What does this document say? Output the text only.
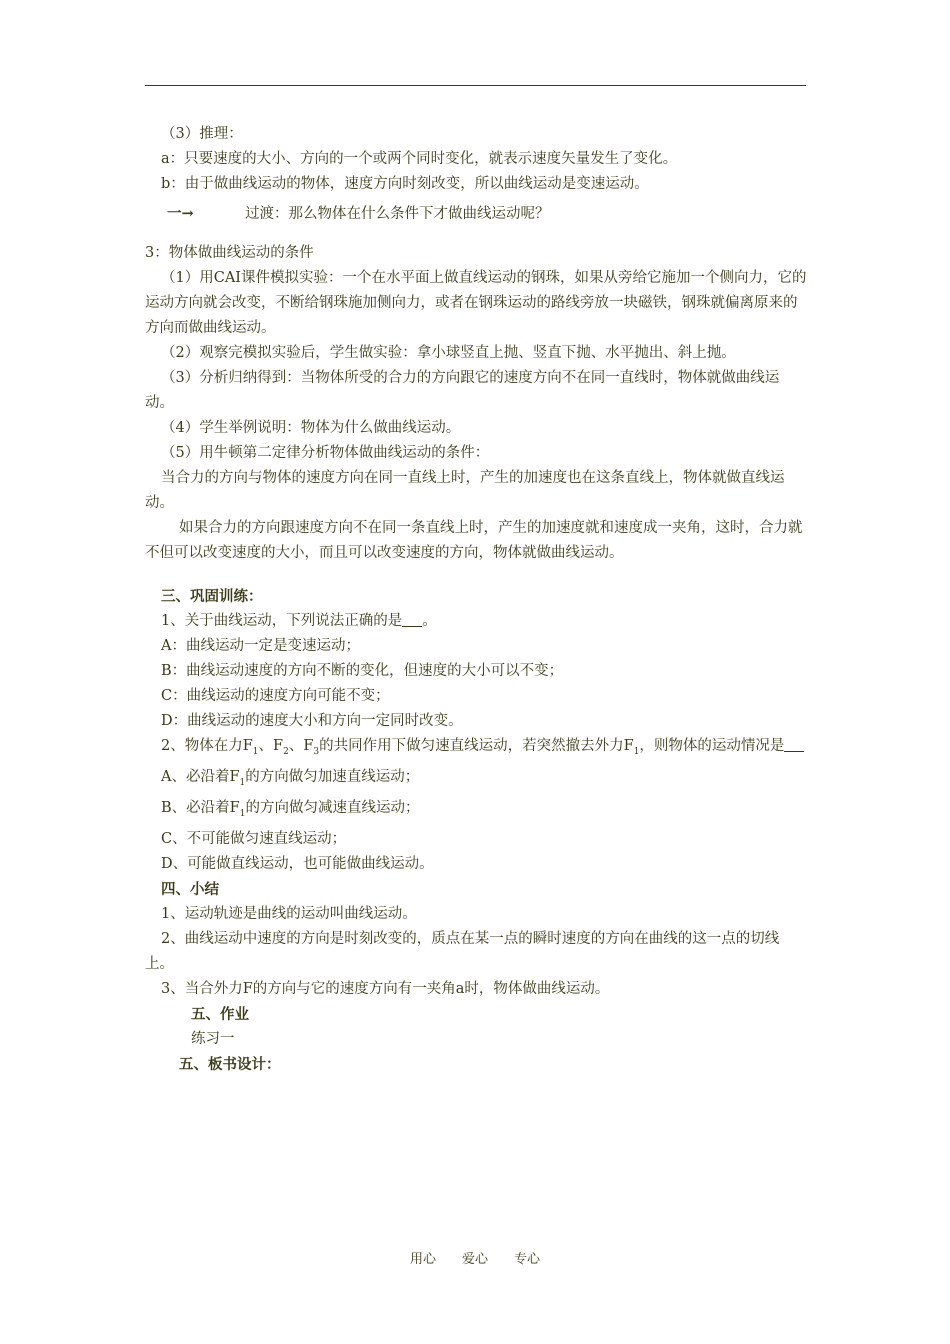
（3）推理：

a：只要速度的大小、方向的一个或两个同时变化，就表示速度矢量发生了变化。

b：由于做曲线运动的物体，速度方向时刻改变，所以曲线运动是变速运动。

一→	过渡：那么物体在什么条件下才做曲线运动呢？

3：物体做曲线运动的条件

（1）用CAI课件模拟实验：一个在水平面上做直线运动的钢珠，如果从旁给它施加一个侧向力，它的运动方向就会改变，不断给钢珠施加侧向力，或者在钢珠运动的路线旁放一块磁铁，钢珠就偏离原来的方向而做曲线运动。

（2）观察完模拟实验后，学生做实验：拿小球竖直上抛、竖直下抛、水平抛出、斜上抛。

（3）分析归纳得到：当物体所受的合力的方向跟它的速度方向不在同一直线时，物体就做曲线运动。

（4）学生举例说明：物体为什么做曲线运动。

（5）用牛顿第二定律分析物体做曲线运动的条件：

当合力的方向与物体的速度方向在同一直线上时，产生的加速度也在这条直线上，物体就做直线运动。

如果合力的方向跟速度方向不在同一条直线上时，产生的加速度就和速度成一夹角，这时，合力就不但可以改变速度的大小，而且可以改变速度的方向，物体就做曲线运动。

三、巩固训练：

1、关于曲线运动，下列说法正确的是 。

A：曲线运动一定是变速运动；

B：曲线运动速度的方向不断的变化，但速度的大小可以不变；

C：曲线运动的速度方向可能不变；

D：曲线运动的速度大小和方向一定同时改变。

2、物体在力$F_1$、$F_2$、$F_3$的共同作用下做匀速直线运动，若突然撤去外力$F_1$，则物体的运动情况是

A、必沿着$F_1$的方向做匀加速直线运动；

B、必沿着$F_1$的方向做匀减速直线运动；

C、不可能做匀速直线运动；

D、可能做直线运动，也可能做曲线运动。

四、小结

1、运动轨迹是曲线的运动叫曲线运动。

2、曲线运动中速度的方向是时刻改变的，质点在某一点的瞬时速度的方向在曲线的这一点的切线上。

3、当合外力F的方向与它的速度方向有一夹角a时，物体做曲线运动。

五、作业

练习一

五、板书设计：

用心 爱心 专心
